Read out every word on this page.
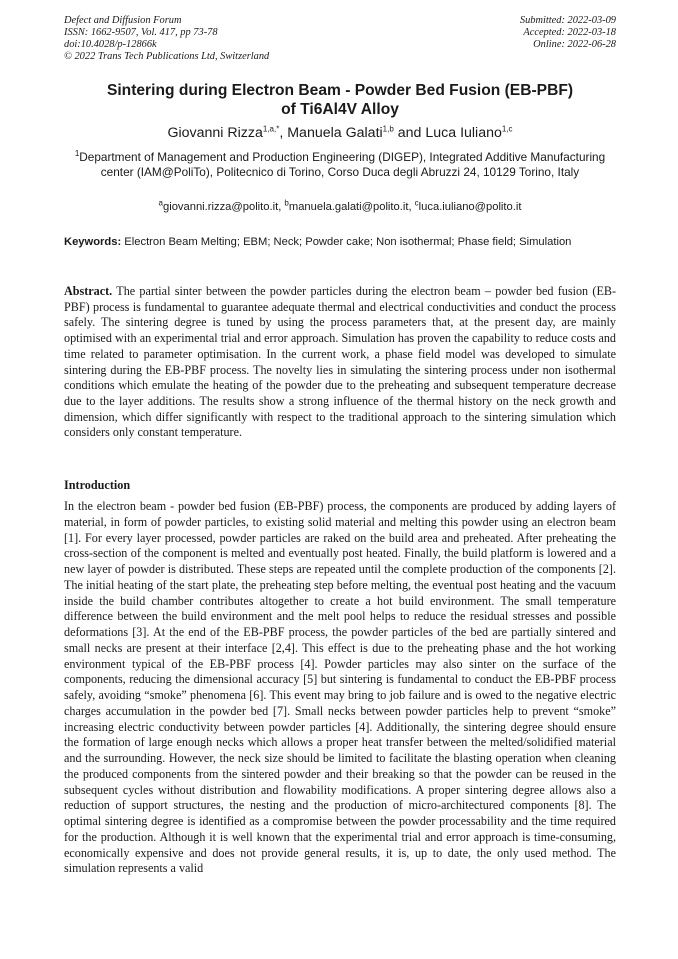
Defect and Diffusion Forum
ISSN: 1662-9507, Vol. 417, pp 73-78
doi:10.4028/p-12866k
© 2022 Trans Tech Publications Ltd, Switzerland
Submitted: 2022-03-09
Accepted: 2022-03-18
Online: 2022-06-28
Sintering during Electron Beam - Powder Bed Fusion (EB-PBF)
of Ti6Al4V Alloy
Giovanni Rizza$^{1,a,*}$, Manuela Galati$^{1,b}$ and Luca Iuliano$^{1,c}$
$^1$Department of Management and Production Engineering (DIGEP), Integrated Additive Manufacturing center (IAM@PoliTo), Politecnico di Torino, Corso Duca degli Abruzzi 24, 10129 Torino, Italy
$^a$giovanni.rizza@polito.it, $^b$manuela.galati@polito.it, $^c$luca.iuliano@polito.it
Keywords: Electron Beam Melting; EBM; Neck; Powder cake; Non isothermal; Phase field; Simulation
Abstract. The partial sinter between the powder particles during the electron beam – powder bed fusion (EB-PBF) process is fundamental to guarantee adequate thermal and electrical conductivities and conduct the process safely. The sintering degree is tuned by using the process parameters that, at the present day, are mainly optimised with an experimental trial and error approach. Simulation has proven the capability to reduce costs and time related to parameter optimisation. In the current work, a phase field model was developed to simulate sintering during the EB-PBF process. The novelty lies in simulating the sintering process under non isothermal conditions which emulate the heating of the powder due to the preheating and subsequent temperature decrease due to the layer additions. The results show a strong influence of the thermal history on the neck growth and dimension, which differ significantly with respect to the traditional approach to the sintering simulation which considers only constant temperature.
Introduction

In the electron beam - powder bed fusion (EB-PBF) process, the components are produced by adding layers of material, in form of powder particles, to existing solid material and melting this powder using an electron beam [1]. For every layer processed, powder particles are raked on the build area and preheated. After preheating the cross-section of the component is melted and eventually post heated. Finally, the build platform is lowered and a new layer of powder is distributed. These steps are repeated until the complete production of the components [2]. The initial heating of the start plate, the preheating step before melting, the eventual post heating and the vacuum inside the build chamber contributes altogether to create a hot build environment. The small temperature difference between the build environment and the melt pool helps to reduce the residual stresses and possible deformations [3]. At the end of the EB-PBF process, the powder particles of the bed are partially sintered and small necks are present at their interface [2,4]. This effect is due to the preheating phase and the hot working environment typical of the EB-PBF process [4]. Powder particles may also sinter on the surface of the components, reducing the dimensional accuracy [5] but sintering is fundamental to conduct the EB-PBF process safely, avoiding “smoke” phenomena [6]. This event may bring to job failure and is owed to the negative electric charges accumulation in the powder bed [7]. Small necks between powder particles help to prevent “smoke” increasing electric conductivity between powder particles [4]. Additionally, the sintering degree should ensure the formation of large enough necks which allows a proper heat transfer between the melted/solidified material and the surrounding. However, the neck size should be limited to facilitate the blasting operation when cleaning the produced components from the sintered powder and their breaking so that the powder can be reused in the subsequent cycles without distribution and flowability modifications. A proper sintering degree allows also a reduction of support structures, the nesting and the production of micro-architectured components [8]. The optimal sintering degree is identified as a compromise between the powder processability and the time required for the production. Although it is well known that the experimental trial and error approach is time-consuming, economically expensive and does not provide general results, it is, up to date, the only used method. The simulation represents a valid
